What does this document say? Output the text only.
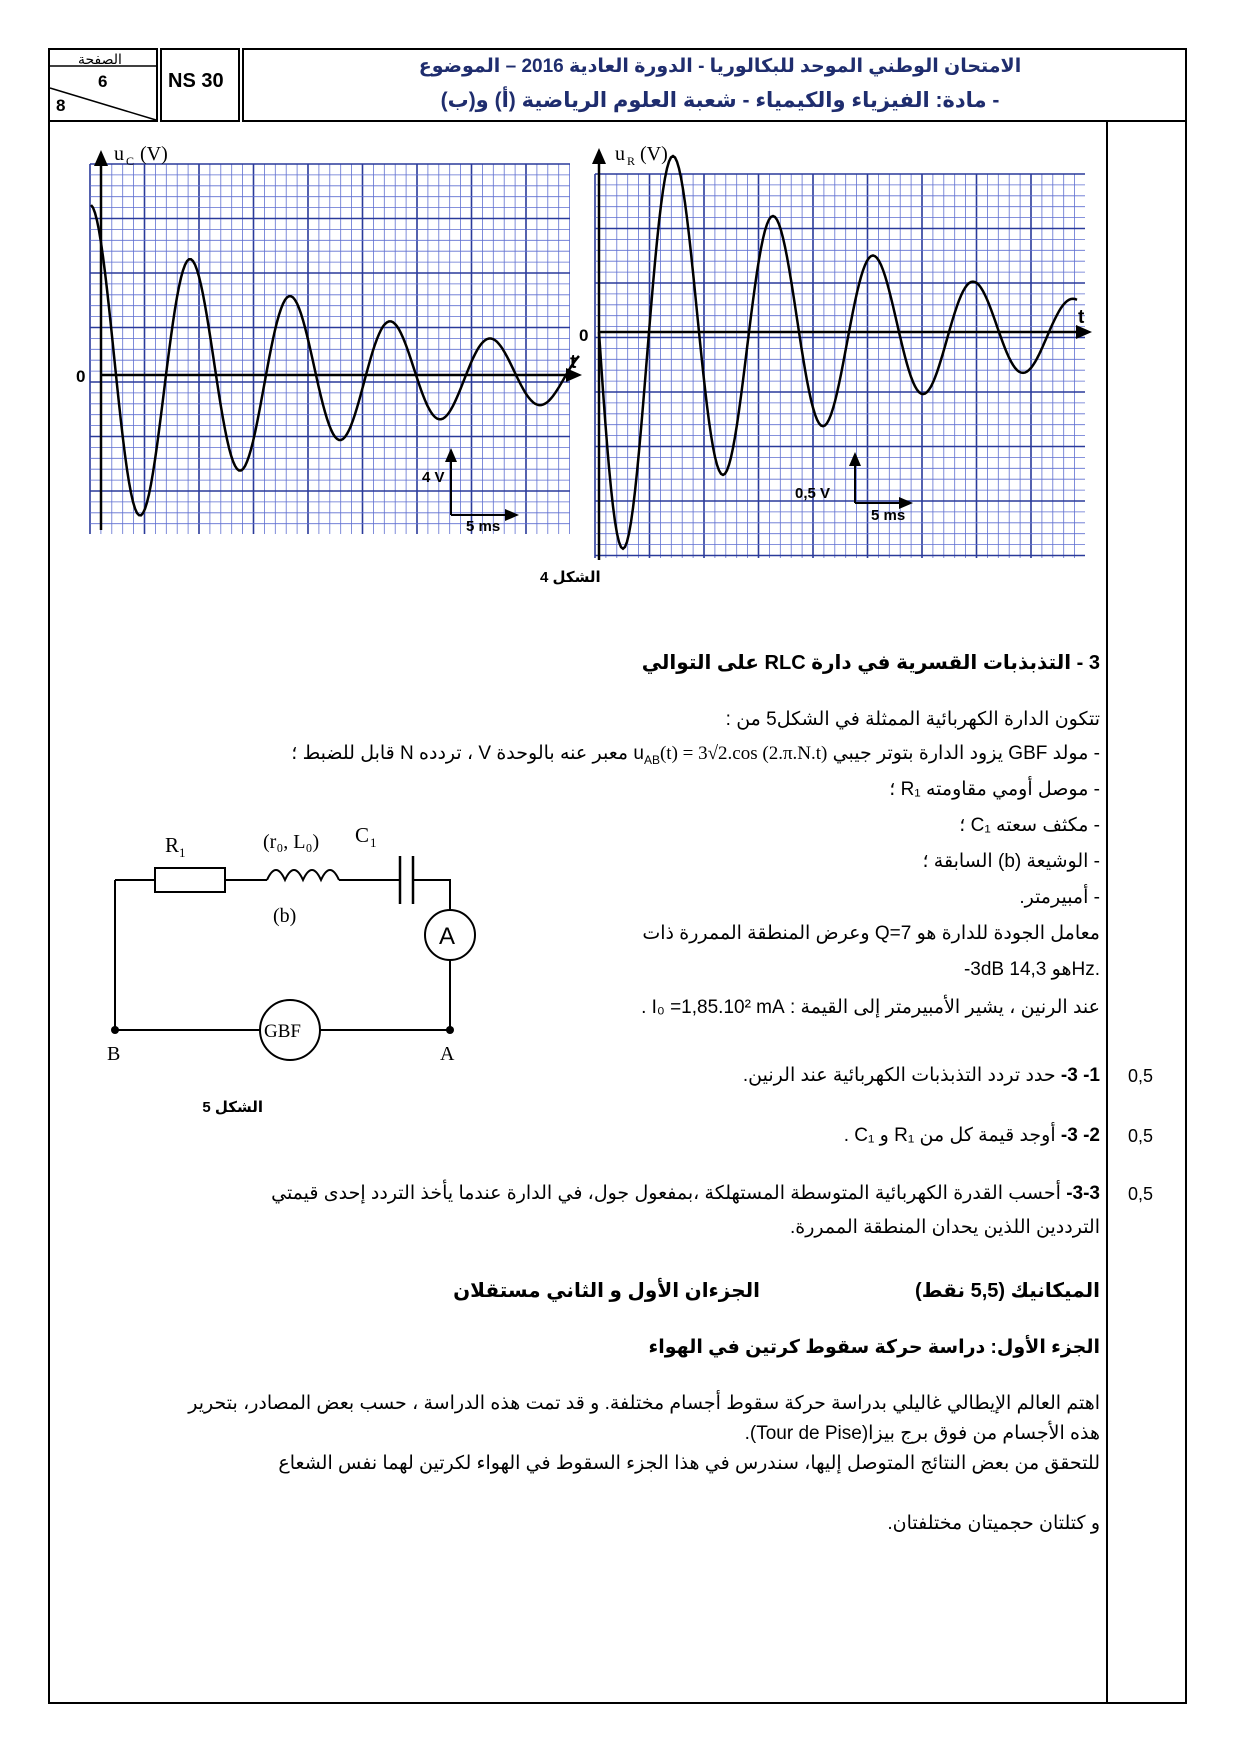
الصفحة
6
8
NS 30
الامتحان الوطني الموحد للبكالوريا - الدورة العادية 2016 – الموضوع
- مادة: الفيزياء والكيمياء - شعبة العلوم الرياضية (أ) و(ب)
4 V
5 ms
0
t
u C (V)
0,5 V
5 ms
0
t
u R (V)
الشكل 4
3 - التذبذبات القسرية في دارة RLC على التوالي
تتكون الدارة الكهربائية الممثلة في الشكل5 من :
- مولد GBF يزود الدارة بتوتر جيبي $u_{AB}(t) = 3√2.\cos$ (2.π.N.t) معبر عنه بالوحدة V ، تردده N قابل للضبط ؛
- موصل أومي مقاومته R₁ ؛
- مكثف سعته C₁ ؛
- الوشيعة (b) السابقة ؛
- أمبيرمتر.
معامل الجودة للدارة هو Q=7 وعرض المنطقة الممررة ذات
-3dB هو 14,3Hz.
عند الرنين ، يشير الأمبيرمتر إلى القيمة : I₀ =1,85.10² mA .
R 1	(r₀, L₀)
(b)
C 1
A
GBF
A
B
الشكل 5
1- 3- حدد تردد التذبذبات الكهربائية عند الرنين.	0,5
2- 3- أوجد قيمة كل من R₁ و C₁ .	0,5
3-3- أحسب القدرة الكهربائية المتوسطة المستهلكة ،بمفعول جول، في الدارة عندما يأخذ التردد إحدى قيمتي
الترددين اللذين يحدان المنطقة الممررة.
0,5
الميكانيك (5,5 نقط)
الجزءان الأول و الثاني مستقلان
الجزء الأول: دراسة حركة سقوط كرتين في الهواء
اهتم العالم الإيطالي غاليلي بدراسة حركة سقوط أجسام مختلفة. و قد تمت هذه الدراسة ، حسب بعض المصادر، بتحرير
هذه الأجسام من فوق برج بيزا(Tour de Pise).
للتحقق من بعض النتائج المتوصل إليها، سندرس في هذا الجزء السقوط في الهواء لكرتين لهما نفس الشعاع
و كتلتان حجميتان مختلفتان.
